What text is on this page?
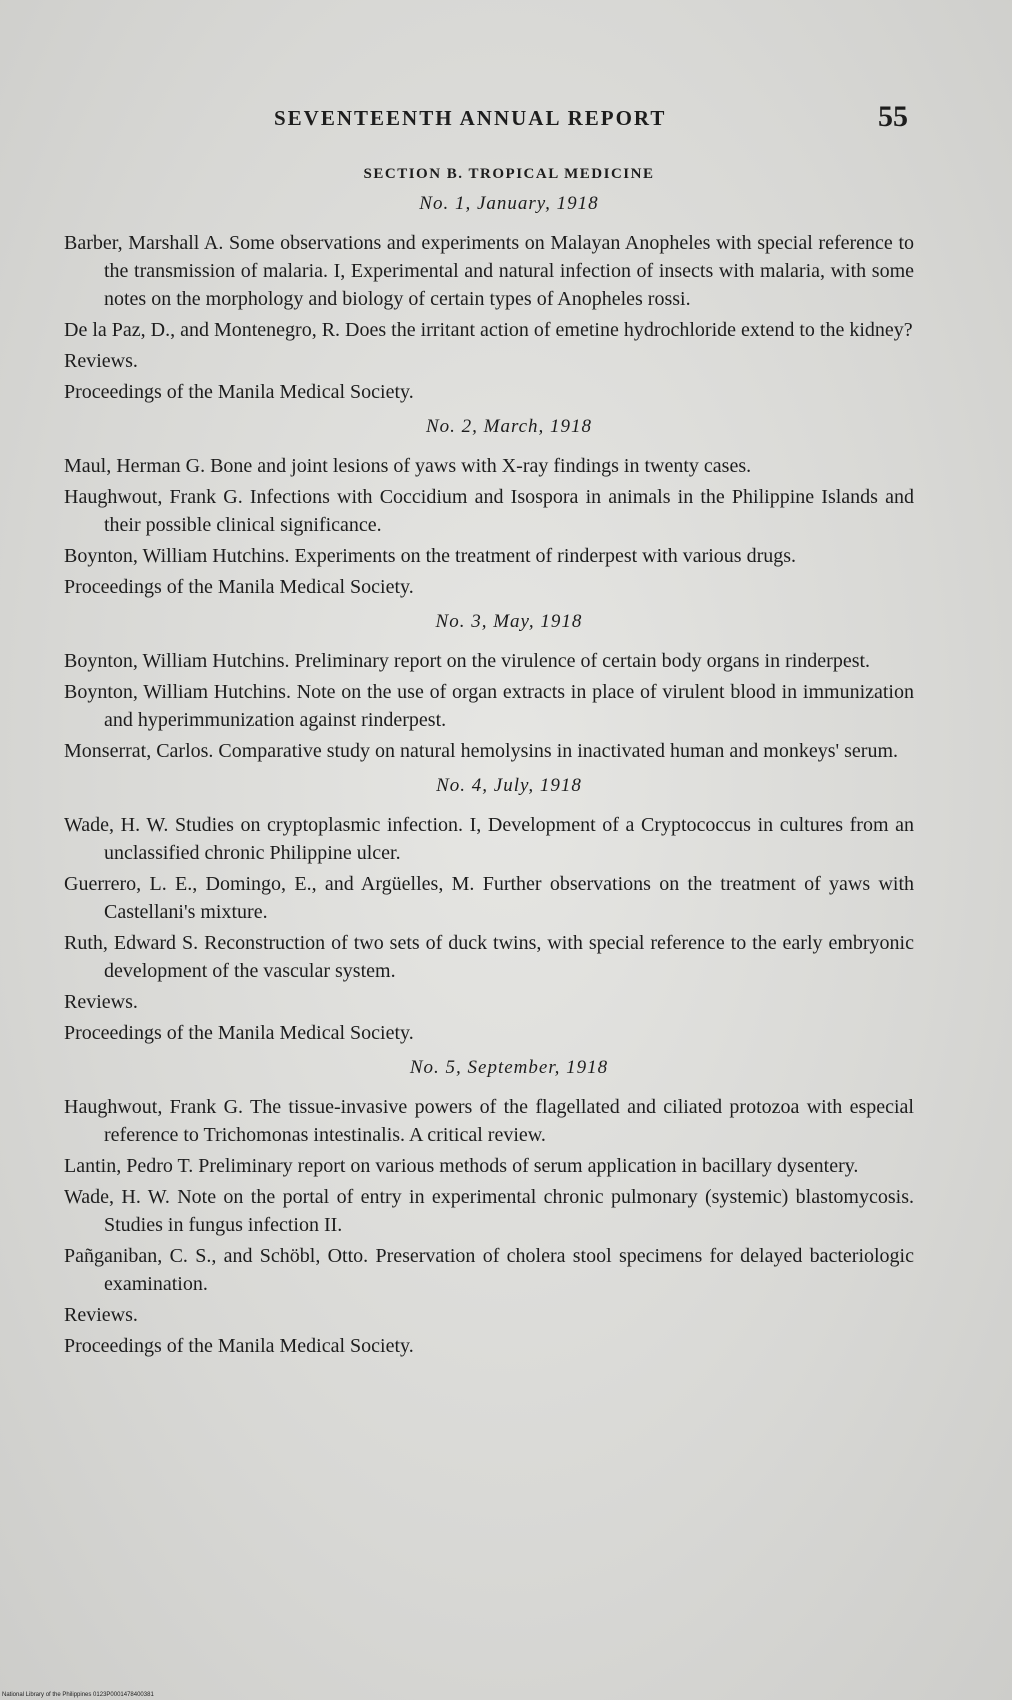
SEVENTEENTH ANNUAL REPORT	55
SECTION B. TROPICAL MEDICINE
No. 1, January, 1918
Barber, Marshall A. Some observations and experiments on Malayan Anopheles with special reference to the transmission of malaria. I, Experimental and natural infection of insects with malaria, with some notes on the morphology and biology of certain types of Anopheles rossi.
De la Paz, D., and Montenegro, R. Does the irritant action of emetine hydrochloride extend to the kidney?
Reviews.
Proceedings of the Manila Medical Society.
No. 2, March, 1918
Maul, Herman G. Bone and joint lesions of yaws with X-ray findings in twenty cases.
Haughwout, Frank G. Infections with Coccidium and Isospora in animals in the Philippine Islands and their possible clinical significance.
Boynton, William Hutchins. Experiments on the treatment of rinderpest with various drugs.
Proceedings of the Manila Medical Society.
No. 3, May, 1918
Boynton, William Hutchins. Preliminary report on the virulence of certain body organs in rinderpest.
Boynton, William Hutchins. Note on the use of organ extracts in place of virulent blood in immunization and hyperimmunization against rinderpest.
Monserrat, Carlos. Comparative study on natural hemolysins in inactivated human and monkeys' serum.
No. 4, July, 1918
Wade, H. W. Studies on cryptoplasmic infection. I, Development of a Cryptococcus in cultures from an unclassified chronic Philippine ulcer.
Guerrero, L. E., Domingo, E., and Argüelles, M. Further observations on the treatment of yaws with Castellani's mixture.
Ruth, Edward S. Reconstruction of two sets of duck twins, with special reference to the early embryonic development of the vascular system.
Reviews.
Proceedings of the Manila Medical Society.
No. 5, September, 1918
Haughwout, Frank G. The tissue-invasive powers of the flagellated and ciliated protozoa with especial reference to Trichomonas intestinalis. A critical review.
Lantin, Pedro T. Preliminary report on various methods of serum application in bacillary dysentery.
Wade, H. W. Note on the portal of entry in experimental chronic pulmonary (systemic) blastomycosis. Studies in fungus infection II.
Pañganiban, C. S., and Schöbl, Otto. Preservation of cholera stool specimens for delayed bacteriologic examination.
Reviews.
Proceedings of the Manila Medical Society.
National Library of the Philippines 0123P0001478400381
